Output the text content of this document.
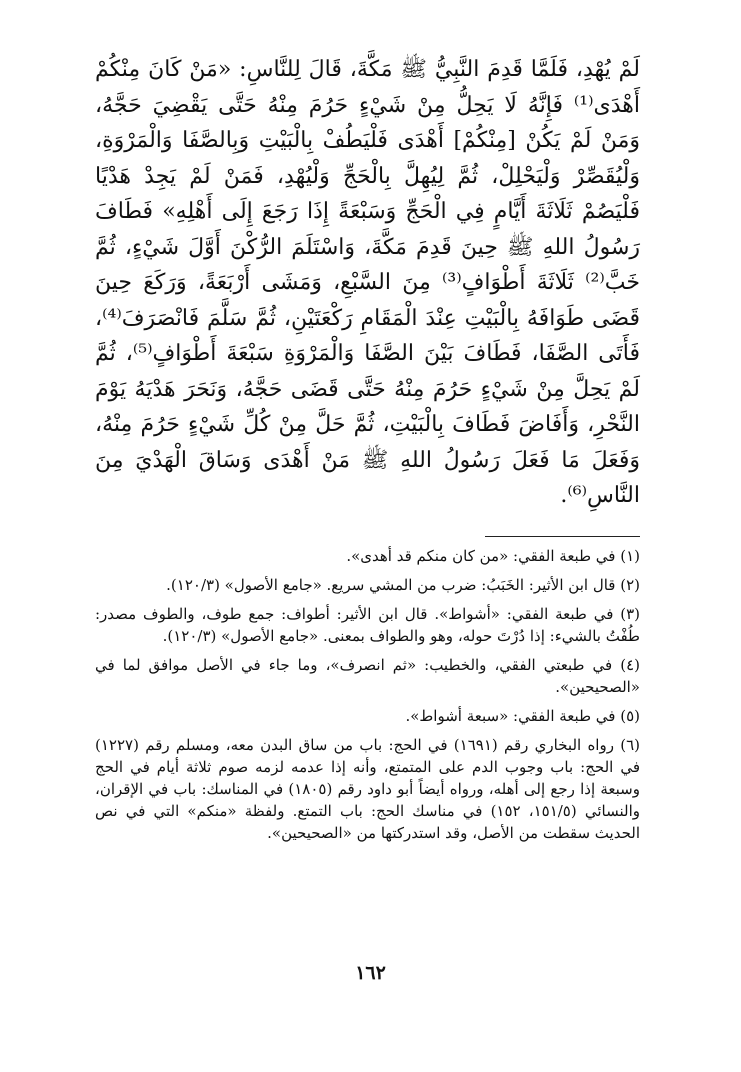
لَمْ يُهْدِ، فَلَمَّا قَدِمَ النَّبِيُّ ﷺ مَكَّةَ، قَالَ لِلنَّاسِ: «مَنْ كَانَ مِنْكُمْ أَهْدَى⁽¹⁾ فَإِنَّهُ لَا يَحِلُّ مِنْ شَيْءٍ حَرُمَ مِنْهُ حَتَّى يَقْضِيَ حَجَّهُ، وَمَنْ لَمْ يَكُنْ [مِنْكُمْ] أَهْدَى فَلْيَطُفْ بِالْبَيْتِ وَبِالصَّفَا وَالْمَرْوَةِ، وَلْيُقَصِّرْ وَلْيَحْلِلْ، ثُمَّ لِيُهِلَّ بِالْحَجِّ وَلْيُهْدِ، فَمَنْ لَمْ يَجِدْ هَدْيًا فَلْيَصُمْ ثَلَاثَةَ أَيَّامٍ فِي الْحَجِّ وَسَبْعَةً إِذَا رَجَعَ إِلَى أَهْلِهِ» فَطَافَ رَسُولُ اللهِ ﷺ حِينَ قَدِمَ مَكَّةَ، وَاسْتَلَمَ الرُّكْنَ أَوَّلَ شَيْءٍ، ثُمَّ خَبَّ⁽²⁾ ثَلَاثَةَ أَطْوَافٍ⁽³⁾ مِنَ السَّبْعِ، وَمَشَى أَرْبَعَةً، وَرَكَعَ حِينَ قَضَى طَوَافَهُ بِالْبَيْتِ عِنْدَ الْمَقَامِ رَكْعَتَيْنِ، ثُمَّ سَلَّمَ فَانْصَرَفَ⁽⁴⁾، فَأَتَى الصَّفَا، فَطَافَ بَيْنَ الصَّفَا وَالْمَرْوَةِ سَبْعَةَ أَطْوَافٍ⁽⁵⁾، ثُمَّ لَمْ يَحِلَّ مِنْ شَيْءٍ حَرُمَ مِنْهُ حَتَّى قَضَى حَجَّهُ، وَنَحَرَ هَدْيَهُ يَوْمَ النَّحْرِ، وَأَفَاضَ فَطَافَ بِالْبَيْتِ، ثُمَّ حَلَّ مِنْ كُلِّ شَيْءٍ حَرُمَ مِنْهُ، وَفَعَلَ مَا فَعَلَ رَسُولُ اللهِ ﷺ مَنْ أَهْدَى وَسَاقَ الْهَدْيَ مِنَ النَّاسِ⁽⁶⁾.

(١) في طبعة الفقي: «من كان منكم قد أهدى».

(٢) قال ابن الأثير: الخَبَبُ: ضرب من المشي سريع. «جامع الأصول» (١٢٠/٣).

(٣) في طبعة الفقي: «أشواط». قال ابن الأثير: أطواف: جمع طوف، والطوف مصدر: طُفْتُ بالشيء: إذا دُرْتَ حوله، وهو والطواف بمعنى. «جامع الأصول» (١٢٠/٣).

(٤) في طبعتي الفقي، والخطيب: «ثم انصرف»، وما جاء في الأصل موافق لما في «الصحيحين».

(٥) في طبعة الفقي: «سبعة أشواط».

(٦) رواه البخاري رقم (١٦٩١) في الحج: باب من ساق البدن معه، ومسلم رقم (١٢٢٧) في الحج: باب وجوب الدم على المتمتع، وأنه إذا عدمه لزمه صوم ثلاثة أيام في الحج وسبعة إذا رجع إلى أهله، ورواه أيضاً أبو داود رقم (١٨٠٥) في المناسك: باب في الإقران، والنسائي (١٥١/٥، ١٥٢) في مناسك الحج: باب التمتع. ولفظة «منكم» التي في نص الحديث سقطت من الأصل، وقد استدركتها من «الصحيحين».

١٦٢
